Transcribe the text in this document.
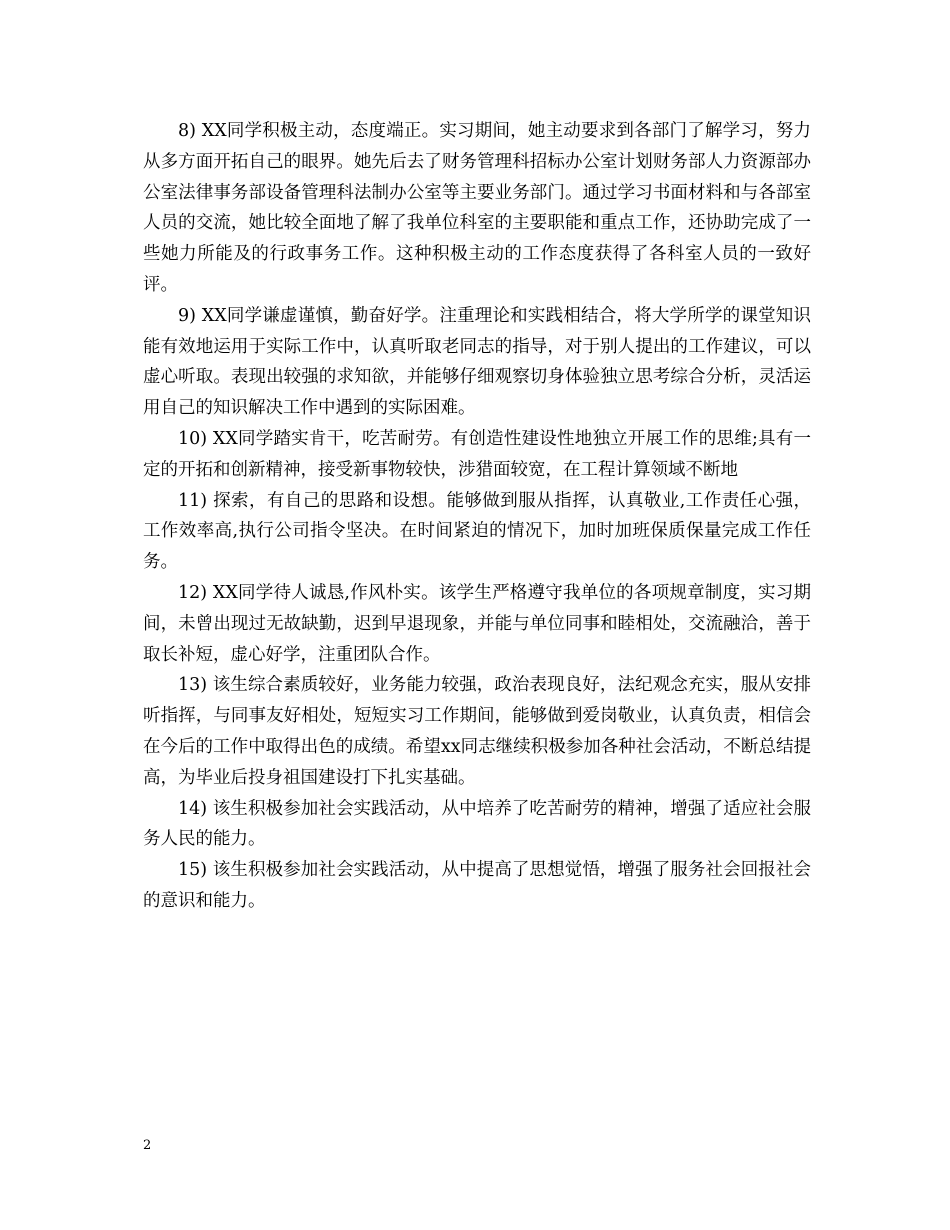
8) XX同学积极主动，态度端正。实习期间，她主动要求到各部门了解学习，努力从多方面开拓自己的眼界。她先后去了财务管理科招标办公室计划财务部人力资源部办公室法律事务部设备管理科法制办公室等主要业务部门。通过学习书面材料和与各部室人员的交流，她比较全面地了解了我单位科室的主要职能和重点工作，还协助完成了一些她力所能及的行政事务工作。这种积极主动的工作态度获得了各科室人员的一致好评。

9) XX同学谦虚谨慎，勤奋好学。注重理论和实践相结合，将大学所学的课堂知识能有效地运用于实际工作中，认真听取老同志的指导，对于别人提出的工作建议，可以虚心听取。表现出较强的求知欲，并能够仔细观察切身体验独立思考综合分析，灵活运用自己的知识解决工作中遇到的实际困难。

10) XX同学踏实肯干，吃苦耐劳。有创造性建设性地独立开展工作的思维;具有一定的开拓和创新精神，接受新事物较快，涉猎面较宽，在工程计算领域不断地

11) 探索，有自己的思路和设想。能够做到服从指挥，认真敬业,工作责任心强，工作效率高,执行公司指令坚决。在时间紧迫的情况下，加时加班保质保量完成工作任务。

12) XX同学待人诚恳,作风朴实。该学生严格遵守我单位的各项规章制度，实习期间，未曾出现过无故缺勤，迟到早退现象，并能与单位同事和睦相处，交流融洽，善于取长补短，虚心好学，注重团队合作。

13) 该生综合素质较好，业务能力较强，政治表现良好，法纪观念充实，服从安排听指挥，与同事友好相处，短短实习工作期间，能够做到爱岗敬业，认真负责，相信会在今后的工作中取得出色的成绩。希望xx同志继续积极参加各种社会活动，不断总结提高，为毕业后投身祖国建设打下扎实基础。

14) 该生积极参加社会实践活动，从中培养了吃苦耐劳的精神，增强了适应社会服务人民的能力。

15) 该生积极参加社会实践活动，从中提高了思想觉悟，增强了服务社会回报社会的意识和能力。

2
